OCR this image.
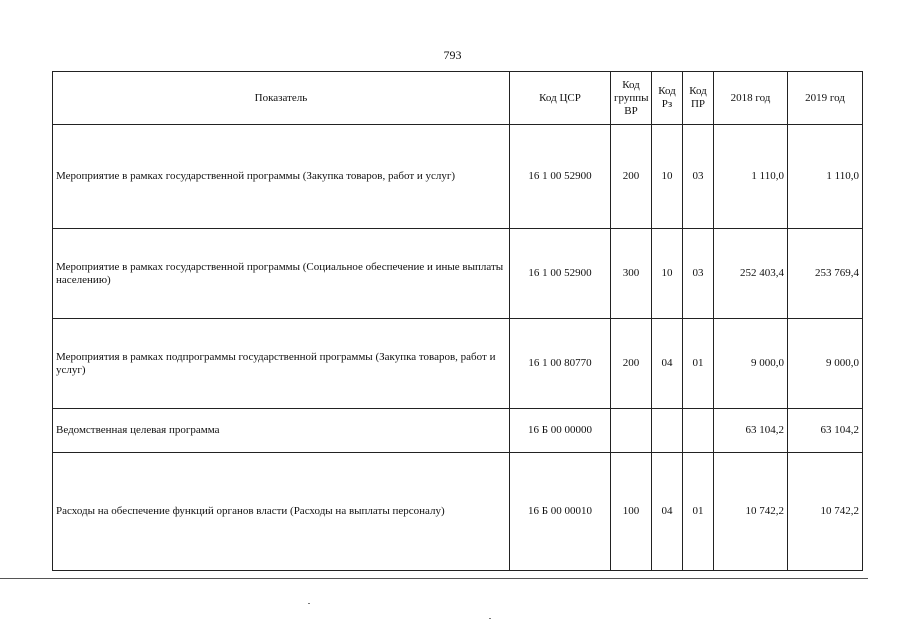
793
Показатель	Код ЦСР	Код группы ВР	Код Рз	Код ПР	2018 год	2019 год
Мероприятие в рамках государственной программы (Закупка товаров, работ и услуг)	16 1 00 52900	200	10	03	1 110,0	1 110,0
Мероприятие в рамках государственной программы (Социальное обеспечение и иные выплаты населению)	16 1 00 52900	300	10	03	252 403,4	253 769,4
Мероприятия в рамках подпрограммы государственной программы (Закупка товаров, работ и услуг)	16 1 00 80770	200	04	01	9 000,0	9 000,0
Ведомственная целевая программа	16 Б 00 00000				63 104,2	63 104,2
Расходы на обеспечение функций органов власти (Расходы на выплаты персоналу)	16 Б 00 00010	100	04	01	10 742,2	10 742,2
